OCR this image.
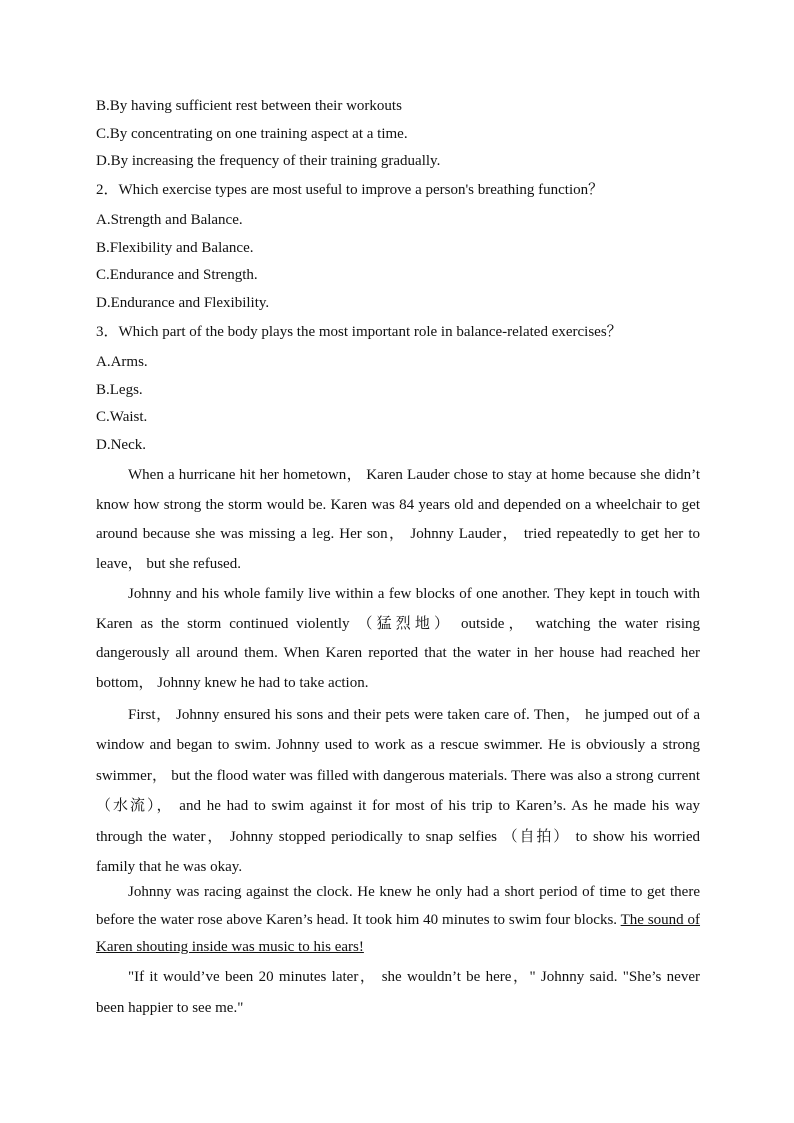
B.By having sufficient rest between their workouts
C.By concentrating on one training aspect at a time.
D.By increasing the frequency of their training gradually.
2．Which exercise types are most useful to improve a person's breathing function？
A.Strength and Balance.
B.Flexibility and Balance.
C.Endurance and Strength.
D.Endurance and Flexibility.
3．Which part of the body plays the most important role in balance-related exercises？
A.Arms.
B.Legs.
C.Waist.
D.Neck.

When a hurricane hit her hometown， Karen Lauder chose to stay at home because she didn’t know how strong the storm would be. Karen was 84 years old and depended on a wheelchair to get around because she was missing a leg. Her son， Johnny Lauder， tried repeatedly to get her to leave， but she refused.

Johnny and his whole family live within a few blocks of one another. They kept in touch with Karen as the storm continued violently （猛烈地） outside， watching the water rising dangerously all around them. When Karen reported that the water in her house had reached her bottom， Johnny knew he had to take action.

First， Johnny ensured his sons and their pets were taken care of. Then， he jumped out of a window and began to swim. Johnny used to work as a rescue swimmer. He is obviously a strong swimmer， but the flood water was filled with dangerous materials. There was also a strong current （水流）， and he had to swim against it for most of his trip to Karen’s. As he made his way through the water， Johnny stopped periodically to snap selfies （自拍） to show his worried family that he was okay.

Johnny was racing against the clock. He knew he only had a short period of time to get there before the water rose above Karen’s head. It took him 40 minutes to swim four blocks. The sound of Karen shouting inside was music to his ears!

"If it would’ve been 20 minutes later， she wouldn’t be here，" Johnny said. "She’s never been happier to see me."
